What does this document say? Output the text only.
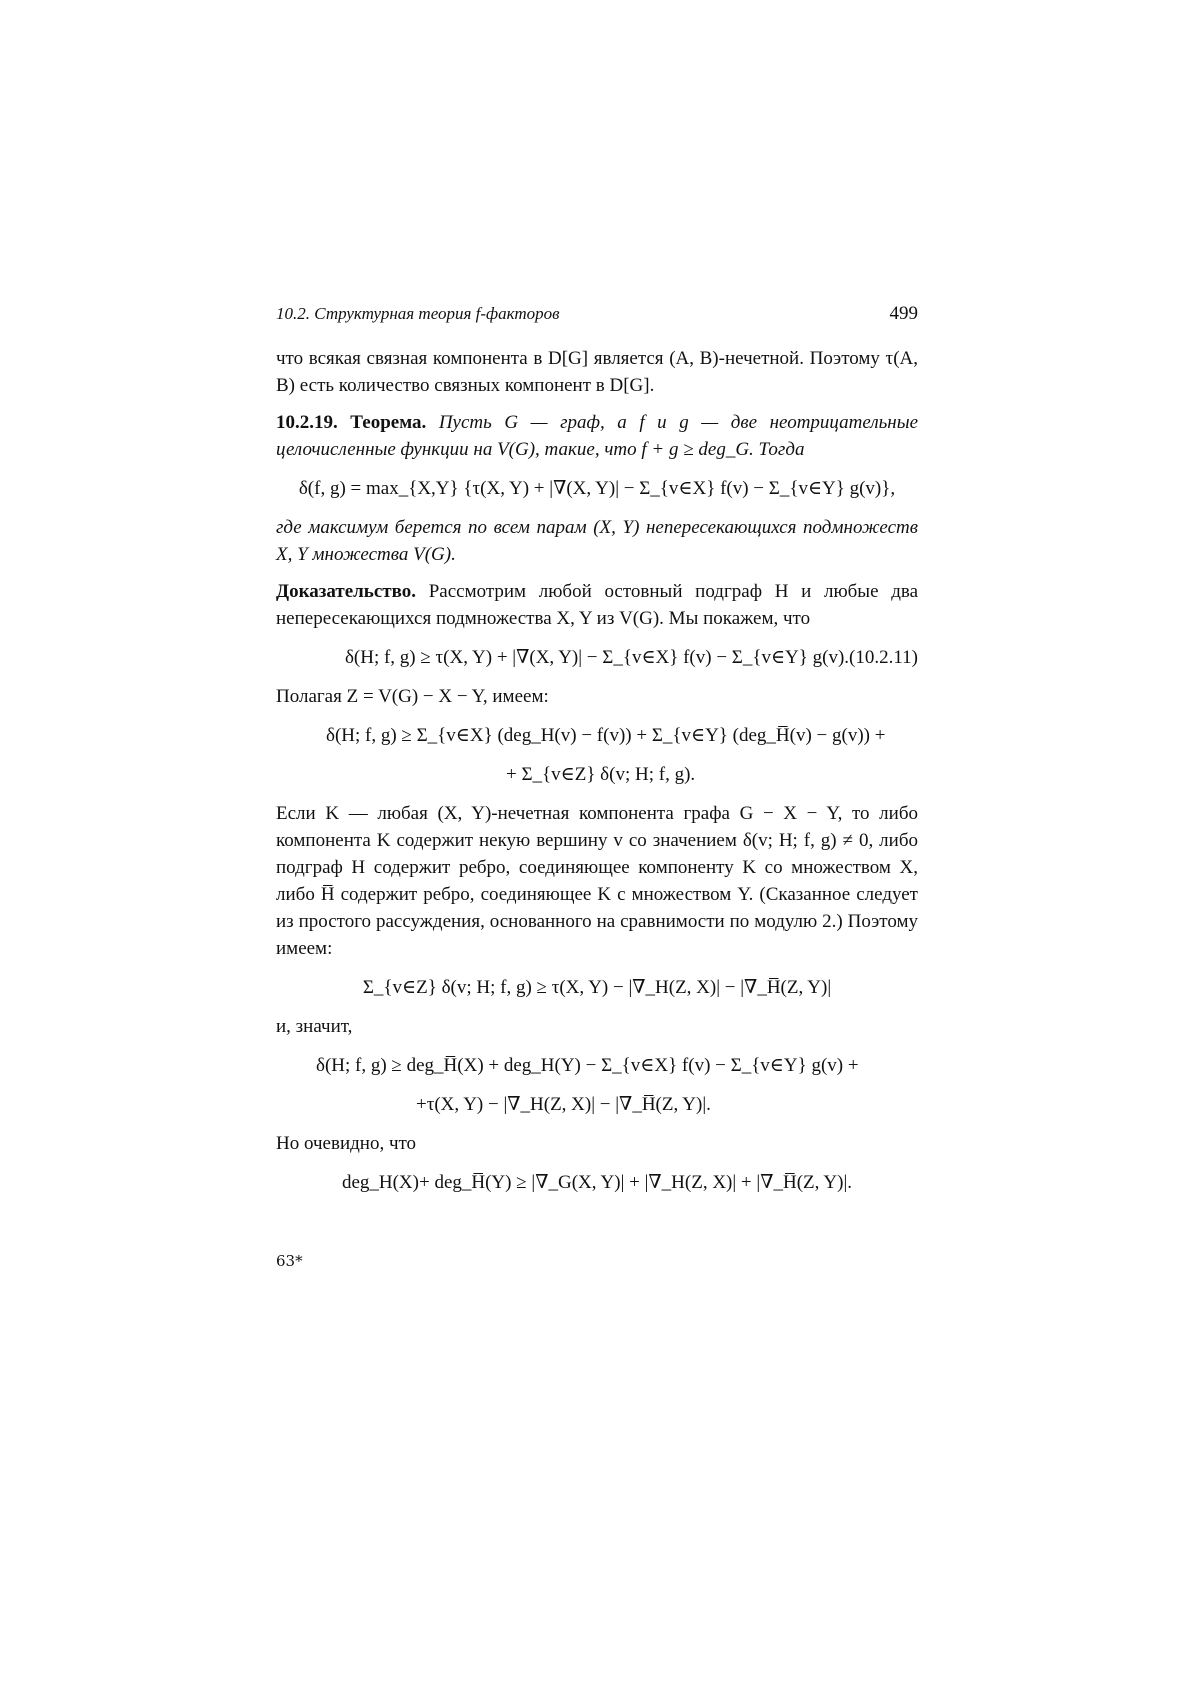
10.2. Структурная теория f-факторов	499

что всякая связная компонента в D[G] является (A, B)-нечетной. Поэтому τ(A, B) есть количество связных компонент в D[G].

10.2.19. Теорема. Пусть G — граф, а f и g — две неотрицательные целочисленные функции на V(G), такие, что f + g ≥ deg_G. Тогда

δ(f, g) = max_{X,Y} {τ(X, Y) + |∇(X, Y)| − Σ_{v∈X} f(v) − Σ_{v∈Y} g(v)},

где максимум берется по всем парам (X, Y) непересекающихся подмножеств X, Y множества V(G).

Доказательство. Рассмотрим любой остовный подграф H и любые два непересекающихся подмножества X, Y из V(G). Мы покажем, что

δ(H; f, g) ≥ τ(X, Y) + |∇(X, Y)| − Σ_{v∈X} f(v) − Σ_{v∈Y} g(v). (10.2.11)

Полагая Z = V(G) − X − Y, имеем:

δ(H; f, g) ≥ Σ_{v∈X} (deg_H(v) − f(v)) + Σ_{v∈Y} (deg_H̅(v) − g(v)) +
+ Σ_{v∈Z} δ(v; H; f, g).

Если K — любая (X, Y)-нечетная компонента графа G − X − Y, то либо компонента K содержит некую вершину v со значением δ(v; H; f, g) ≠ 0, либо подграф H содержит ребро, соединяющее компоненту K со множеством X, либо H̅ содержит ребро, соединяющее K с множеством Y. (Сказанное следует из простого рассуждения, основанного на сравнимости по модулю 2.) Поэтому имеем:

Σ_{v∈Z} δ(v; H; f, g) ≥ τ(X, Y) − |∇_H(Z, X)| − |∇_H̅(Z, Y)|

и, значит,

δ(H; f, g) ≥ deg_H̅(X) + deg_H(Y) − Σ_{v∈X} f(v) − Σ_{v∈Y} g(v) +
+τ(X, Y) − |∇_H(Z, X)| − |∇_H̅(Z, Y)|.

Но очевидно, что

deg_H(X)+ deg_H̅(Y) ≥ |∇_G(X, Y)| + |∇_H(Z, X)| + |∇_H̅(Z, Y)|.
63*
